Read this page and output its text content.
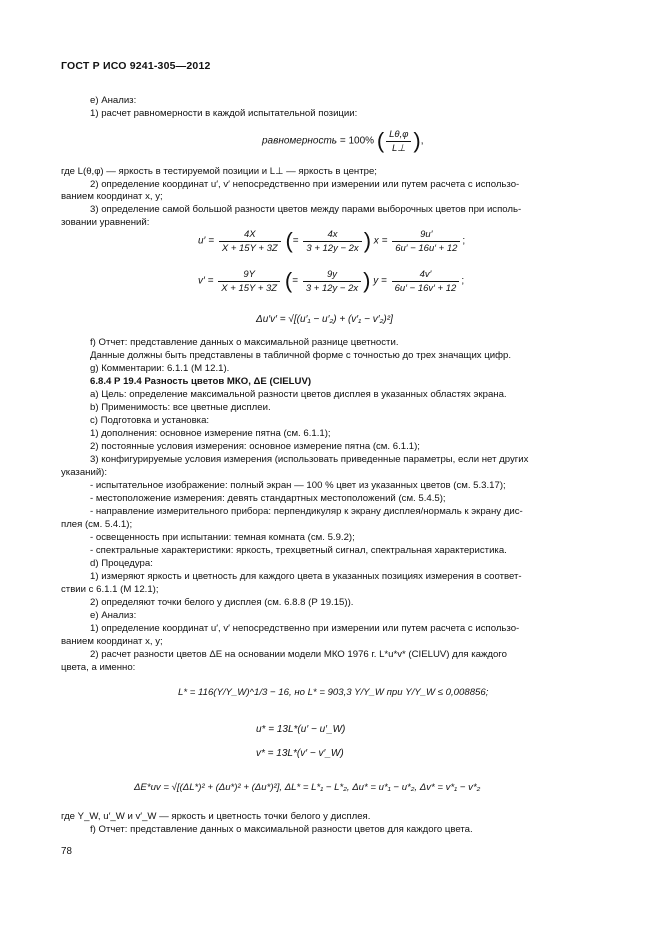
ГОСТ Р ИСО 9241-305—2012
e) Анализ:
1) расчет равномерности в каждой испытательной позиции:
равномерность = 100% ( $\frac{L\theta,\varphi}{L\perp}$ ),
где L(θ,φ) — яркость в тестируемой позиции и L⊥ — яркость в центре;
2) определение координат u′, v′ непосредственно при измерении или путем расчета с использо-
ванием координат x, y;
3) определение самой большой разности цветов между парами выборочных цветов при исполь-
зовании уравнений:
$u' = \frac{4X}{X + 15Y + 3Z}$ (= $\frac{4x}{3 + 12y - 2x}$ ) $x = \frac{9u'}{6u' - 16u' + 12}$ ;
$v' = \frac{9Y}{X + 15Y + 3Z}$ (= $\frac{9y}{3 + 12y - 2x}$ ) $y = \frac{4v'}{6u' - 16v' + 12}$ ;
Δu′v′ = √[(u′₁ − u′₂) + (v′₁ − v′₂)²]
f) Отчет: представление данных о максимальной разнице цветности.
Данные должны быть представлены в табличной форме с точностью до трех значащих цифр.
g) Комментарии: 6.1.1 (М 12.1).
6.8.4 Р 19.4 Разность цветов МКО, ΔE (CIELUV)
a) Цель: определение максимальной разности цветов дисплея в указанных областях экрана.
b) Применимость: все цветные дисплеи.
c) Подготовка и установка:
1) дополнения: основное измерение пятна (см. 6.1.1);
2) постоянные условия измерения: основное измерение пятна (см. 6.1.1);
3) конфигурируемые условия измерения (использовать приведенные параметры, если нет других
указаний):
- испытательное изображение: полный экран — 100 % цвет из указанных цветов (см. 5.3.17);
- местоположение измерения: девять стандартных местоположений (см. 5.4.5);
- направление измерительного прибора: перпендикуляр к экрану дисплея/нормаль к экрану дис-
плея (см. 5.4.1);
- освещенность при испытании: темная комната (см. 5.9.2);
- спектральные характеристики: яркость, трехцветный сигнал, спектральная характеристика.
d) Процедура:
1) измеряют яркость и цветность для каждого цвета в указанных позициях измерения в соответ-
ствии с 6.1.1 (М 12.1);
2) определяют точки белого у дисплея (см. 6.8.8 (Р 19.15)).
e) Анализ:
1) определение координат u′, v′ непосредственно при измерении или путем расчета с использо-
ванием координат x, y;
2) расчет разности цветов ΔE на основании модели МКО 1976 г. L*u*v* (CIELUV) для каждого
цвета, а именно:
L* = 116(Y/Y_W)^1/3 − 16, но L* = 903,3 Y/Y_W при Y/Y_W ≤ 0,008856;
u* = 13L*(u′ − u′_W)
v* = 13L*(v′ − v′_W)
ΔE*uv = √[(ΔL*)² + (Δu*)² + (Δu*)²], ΔL* = L*₁ − L*₂, Δu* = u*₁ − u*₂, Δv* = v*₁ − v*₂
где Y_W, u′_W и v′_W — яркость и цветность точки белого у дисплея.
f) Отчет: представление данных о максимальной разности цветов для каждого цвета.
78
